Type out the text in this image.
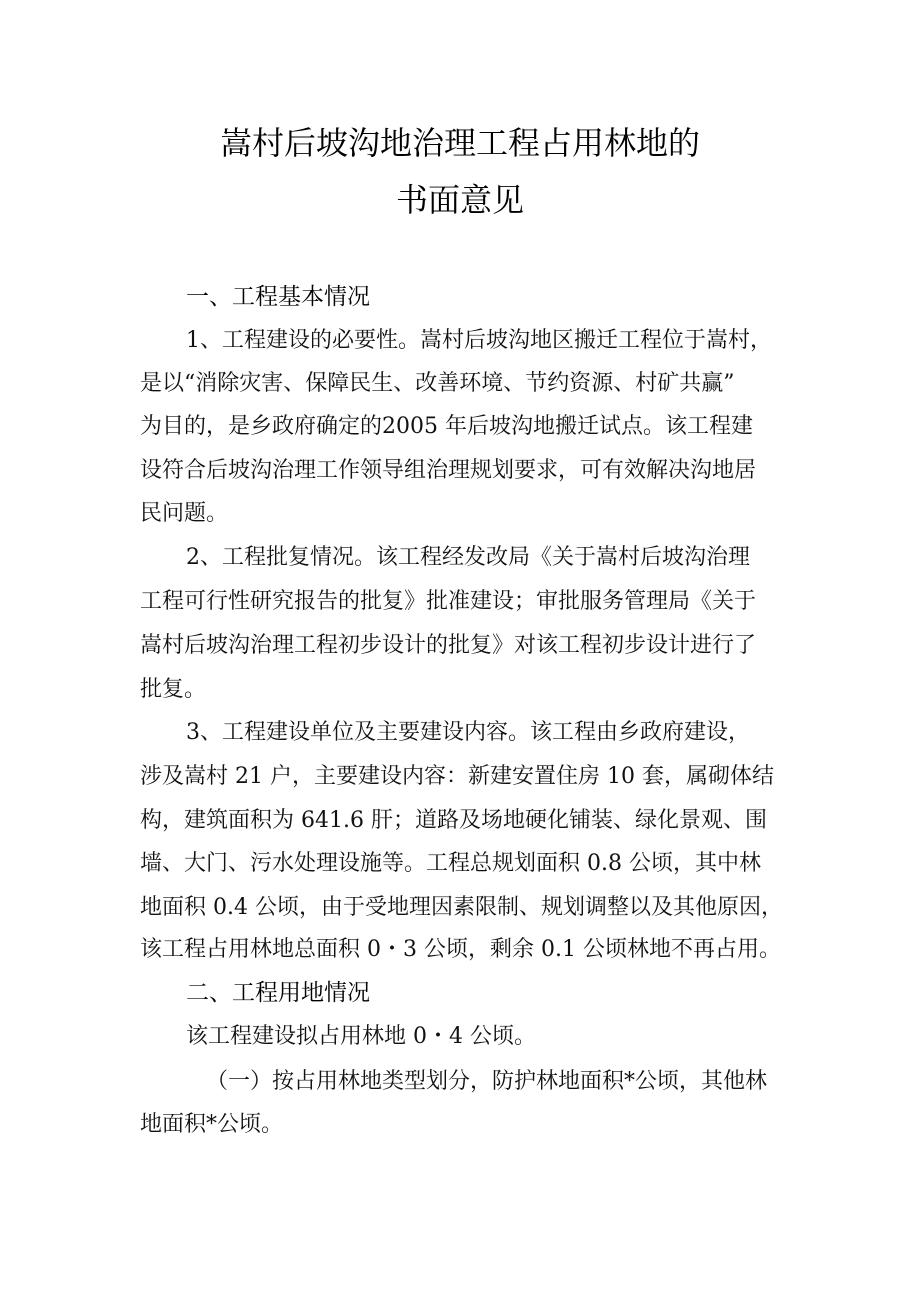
嵩村后坡沟地治理工程占用林地的
书面意见
一、工程基本情况
1、工程建设的必要性。嵩村后坡沟地区搬迁工程位于嵩村，
是以“消除灾害、保障民生、改善环境、节约资源、村矿共赢”
为目的，是乡政府确定的2005 年后坡沟地搬迁试点。该工程建
设符合后坡沟治理工作领导组治理规划要求，可有效解决沟地居
民问题。
2、工程批复情况。该工程经发改局《关于嵩村后坡沟治理
工程可行性研究报告的批复》批准建设；审批服务管理局《关于
嵩村后坡沟治理工程初步设计的批复》对该工程初步设计进行了
批复。
3、工程建设单位及主要建设内容。该工程由乡政府建设，
涉及嵩村 21 户，主要建设内容：新建安置住房 10 套，属砌体结
构，建筑面积为 641.6 肝；道路及场地硬化铺装、绿化景观、围
墙、大门、污水处理设施等。工程总规划面积 0.8 公顷，其中林
地面积 0.4 公顷，由于受地理因素限制、规划调整以及其他原因，
该工程占用林地总面积 0・3 公顷，剩余 0.1 公顷林地不再占用。
二、工程用地情况
该工程建设拟占用林地 0・4 公顷。
（一）按占用林地类型划分，防护林地面积*公顷，其他林
地面积*公顷。
